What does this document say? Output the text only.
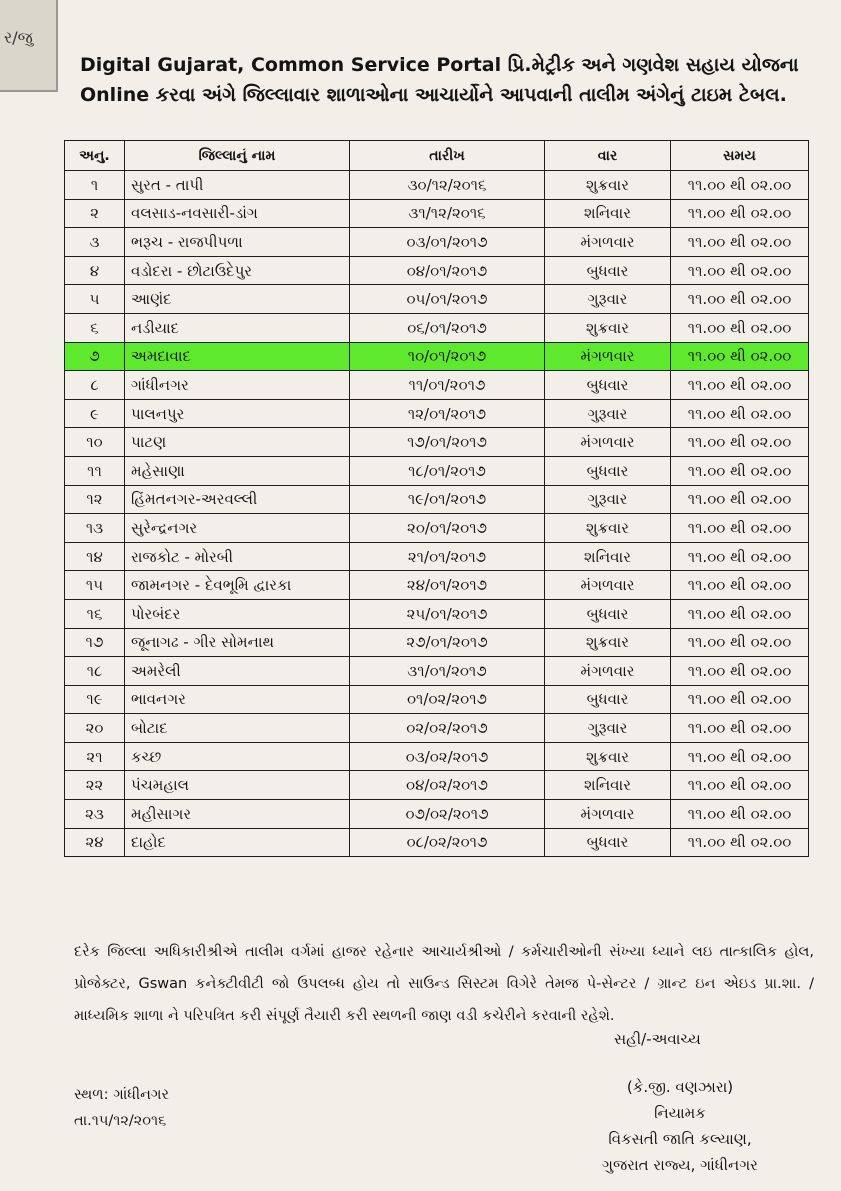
ર/જુ
Digital Gujarat, Common Service Portal પ્રિ.મેટ્રીક અને ગણવેશ સહાય યોજના Online કરવા અંગે જિલ્લાવાર શાળાઓના આચાર્યોને આપવાની તાલીમ અંગેનું ટાઇમ ટેબલ.
અનુ.	જિલ્લાનું નામ	તારીખ	વાર	સમય
૧	સુરત - તાપી	૩૦/૧૨/૨૦૧૬	શુક્રવાર	૧૧.૦૦ થી ૦૨.૦૦
૨	વલસાડ-નવસારી-ડાંગ	૩૧/૧૨/૨૦૧૬	શનિવાર	૧૧.૦૦ થી ૦૨.૦૦
૩	ભરૂચ - રાજપીપળા	૦૩/૦૧/૨૦૧૭	મંગળવાર	૧૧.૦૦ થી ૦૨.૦૦
૪	વડોદરા - છોટાઉદેપુર	૦૪/૦૧/૨૦૧૭	બુધવાર	૧૧.૦૦ થી ૦૨.૦૦
૫	આણંદ	૦૫/૦૧/૨૦૧૭	ગુરૂવાર	૧૧.૦૦ થી ૦૨.૦૦
૬	નડીયાદ	૦૬/૦૧/૨૦૧૭	શુક્રવાર	૧૧.૦૦ થી ૦૨.૦૦
૭	અમદાવાદ	૧૦/૦૧/૨૦૧૭	મંગળવાર	૧૧.૦૦ થી ૦૨.૦૦
૮	ગાંધીનગર	૧૧/૦૧/૨૦૧૭	બુધવાર	૧૧.૦૦ થી ૦૨.૦૦
૯	પાલનપુર	૧૨/૦૧/૨૦૧૭	ગુરૂવાર	૧૧.૦૦ થી ૦૨.૦૦
૧૦	પાટણ	૧૭/૦૧/૨૦૧૭	મંગળવાર	૧૧.૦૦ થી ૦૨.૦૦
૧૧	મહેસાણા	૧૮/૦૧/૨૦૧૭	બુધવાર	૧૧.૦૦ થી ૦૨.૦૦
૧૨	હિંમતનગર-અરવલ્લી	૧૯/૦૧/૨૦૧૭	ગુરૂવાર	૧૧.૦૦ થી ૦૨.૦૦
૧૩	સુરેન્દ્રનગર	૨૦/૦૧/૨૦૧૭	શુક્રવાર	૧૧.૦૦ થી ૦૨.૦૦
૧૪	રાજકોટ - મોરબી	૨૧/૦૧/૨૦૧૭	શનિવાર	૧૧.૦૦ થી ૦૨.૦૦
૧૫	જામનગર - દેવભૂમિ દ્વારકા	૨૪/૦૧/૨૦૧૭	મંગળવાર	૧૧.૦૦ થી ૦૨.૦૦
૧૬	પોરબંદર	૨૫/૦૧/૨૦૧૭	બુધવાર	૧૧.૦૦ થી ૦૨.૦૦
૧૭	જૂનાગઢ - ગીર સોમનાથ	૨૭/૦૧/૨૦૧૭	શુક્રવાર	૧૧.૦૦ થી ૦૨.૦૦
૧૮	અમરેલી	૩૧/૦૧/૨૦૧૭	મંગળવાર	૧૧.૦૦ થી ૦૨.૦૦
૧૯	ભાવનગર	૦૧/૦૨/૨૦૧૭	બુધવાર	૧૧.૦૦ થી ૦૨.૦૦
૨૦	બોટાદ	૦૨/૦૨/૨૦૧૭	ગુરૂવાર	૧૧.૦૦ થી ૦૨.૦૦
૨૧	કચ્છ	૦૩/૦૨/૨૦૧૭	શુક્રવાર	૧૧.૦૦ થી ૦૨.૦૦
૨૨	પંચમહાલ	૦૪/૦૨/૨૦૧૭	શનિવાર	૧૧.૦૦ થી ૦૨.૦૦
૨૩	મહીસાગર	૦૭/૦૨/૨૦૧૭	મંગળવાર	૧૧.૦૦ થી ૦૨.૦૦
૨૪	દાહોદ	૦૮/૦૨/૨૦૧૭	બુધવાર	૧૧.૦૦ થી ૦૨.૦૦
દરેક જિલ્લા અધિકારીશ્રીએ તાલીમ વર્ગમાં હાજર રહેનાર આચાર્યશ્રીઓ / કર્મચારીઓની સંખ્યા ધ્યાને લઇ તાત્કાલિક હોલ, પ્રોજેક્ટર, Gswan કનેક્ટીવીટી જો ઉપલબ્ધ હોય તો સાઉન્ડ સિસ્ટમ વિગેરે તેમજ પે-સેન્ટર / ગ્રાન્ટ ઇન એઇડ પ્રા.શા. / માધ્યમિક શાળા ને પરિપત્રિત કરી સંપૂર્ણ તૈયારી કરી સ્થળની જાણ વડી કચેરીને કરવાની રહેશે.
સહી/-અવાચ્ય
સ્થળ: ગાંધીનગર
તા.૧૫/૧૨/૨૦૧૬
(કે.જી. વણઝારા)
નિયામક
વિકસતી જાતિ કલ્યાણ,
ગુજરાત રાજ્ય, ગાંધીનગર
